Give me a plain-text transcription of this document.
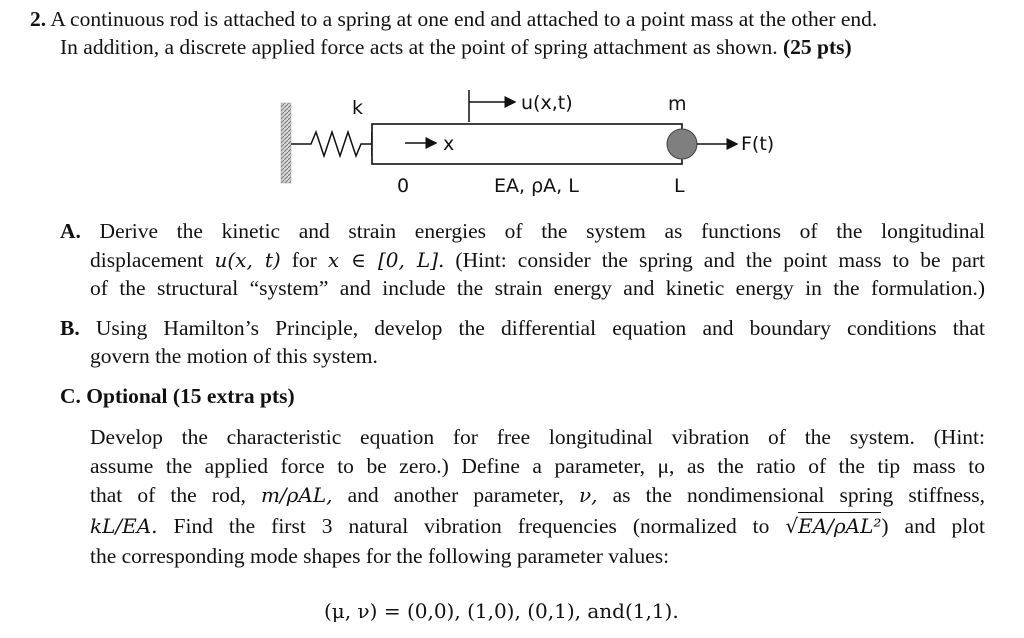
2. A continuous rod is attached to a spring at one end and attached to a point mass at the other end.
In addition, a discrete applied force acts at the point of spring attachment as shown. (25 pts)
k
x
u(x,t)	m
F(t)
0	EA, ρA, L	L
A. Derive the kinetic and strain energies of the system as functions of the longitudinal
displacement u(x, t) for x ∈ [0, L]. (Hint: consider the spring and the point mass to be part
of the structural “system” and include the strain energy and kinetic energy in the formulation.)
B. Using Hamilton’s Principle, develop the differential equation and boundary conditions that
govern the motion of this system.
C. Optional (15 extra pts)
Develop the characteristic equation for free longitudinal vibration of the system. (Hint:
assume the applied force to be zero.) Define a parameter, μ, as the ratio of the tip mass to
that of the rod, m/ρAL, and another parameter, ν, as the nondimensional spring stiffness,
kL/EA. Find the first 3 natural vibration frequencies (normalized to √EA/ρAL²) and plot
the corresponding mode shapes for the following parameter values:
(μ, ν) = (0,0), (1,0), (0,1), and(1,1).
